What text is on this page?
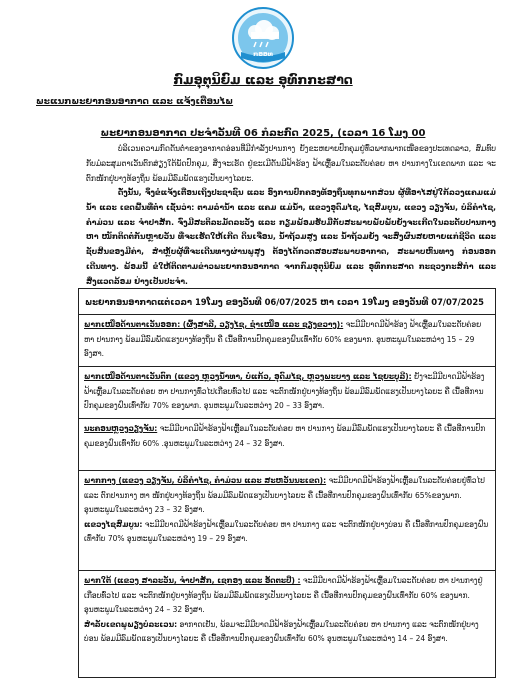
ກອອທ
ກົມອຸຕຸນິຍົມ ແລະ ອຸທົກກະສາດ
ພະແນກພະຍາກອນອາກາດ ແລະ ແຈ້ງເຕືອນໄພ
ພະຍາກອນອາກາດ ປະຈໍາວັນທີ 06 ກໍລະກົດ 2025, (ເວລາ 16 ໂມງ 00

ບໍລິເວນຄວາມກົດດັນຕ່ໍາຂອງອາກາດອ່ອນທີ່ມີກຳລັງປານກາງ ຍັງຂະຫຍາຍປົກຄຸມຢູ່ທົ່ວພາກພາກເໜືອຂອງປະເທດລາວ, ສົມທົບກັບມໍລະສຸມຕາເວັນຕົກສ່ຽງໃຕ້ພັດປົກຄຸມ, ສິ່ງຈະເຮັດ ຢູ່ຂະເມີດັນມີຟ້າຮ້ອງ ຟ້າເຫຼື້ອມໃນລະດັບຄ່ອຍ ຫາ ປານກາງໃນເຂດພາກ ແລະ ຈະຕົກໜັກຢູ່ບາງທ້ອງຖິ່ນ ພ້ອມມີລົມພັດແຮງເປັນບາງໄລຍະ.

ດັ່ງນັ້ນ, ຈຶ່ງຂໍແຈ້ງເຕືອນເຖິງປະຊາຊົນ ແລະ ອົງການປົກຄອງທ້ອງຖິ່ນທຸກພາກສ່ວນ ຜູ້ທີ່ອາໄສຢູ່ໃກ້ລວງແຄມແມ່ນ້ຳ ແລະ ເຂດພື້ນທີ່ຕໍ່າ ເຊັ່ນວ່າ: ຕາມລໍານໍ້າ ແລະ ແຄມ ແມ່ນ້ຳ, ແຂວງອຸດົມໄຊ, ໄຊສົມບູນ, ແຂວງ ວຽງຈັນ, ບໍລິຄໍາໄຊ, ຄໍາມ່ວນ ແລະ ຈໍາປາສັກ. ຈົ່ງມີສະຕິລະມັດລະວັງ ແລະ ກຽມພ້ອມຮັບມືກັບສະພາບພັບພັບຍັງຈະເກີດໃນລະດັບປານກາງ ຫາ ໜັກຕິດຕໍ່ກັນຫຼາຍວັນ ທີ່ຈະເຮັດໃຫ້ເກີດ ດິນເຈື່ອນ, ນໍ້າຖ້ວມສູງ ແລະ ນໍ້າຖ້ວມຍັງ ຈະສົ່ງຜົນສຍຫາຍແກ່ຊີວິດ ແລະ ຊັບສິນຂອງມີຄ່າ, ສໍາຫຼັບຜູ້ທີ່ຈະເດີນທາງຜ່ານພູສູງ ຕ້ອງໄດ້ກວດສອບສະພາບອາກາດ, ສະພາບຫົນທາງ ກ່ອນອອກເດີນທາງ. ພ້ອມນີ້ ຂໍໃຫ້ຕິດຕາມຂ່າວພະຍາກອນອາກາດ ຈາກກົມອຸຕຸນິຍົມ ແລະ ອຸທົກກະສາດ ກະຊວງກະສິກໍາ ແລະ ສິ່ງແວດລ້ອມ ຢ່າງເປັນປະຈໍາ.

ພະຍາກອນອາກາດແຕ່ເວລາ 19ໂມງ ຂອງວັນທີ 06/07/2025 ຫາ ເວລາ 19ໂມງ ຂອງວັນທີ 07/07/2025
ພາກເໜືອດ້ານຕາເວັນອອກ: (ຜົ້ງສາລີ, ວຽງໄຊ, ຊຳເໜືອ ແລະ ຊຽງຂວາງ): ຈະມີມີບາດມີຟ້າຮ້ອງ ຟ້າເຫຼື້ອມໃນລະດັບຄ່ອຍ ຫາ ປານກາງ ພ້ອມມີລົມພັດແຮງບາງທ້ອງຖິ່ນ ຄື ເນື້ອທີ່ການປົກຄຸມຂອງຝົນເທົ່າກັບ 60% ຂອງພາກ. ອຸນຫະພູມໃນລະຫວ່າງ 15 – 29 ອົງສາ.
ພາກເໜືອດ້ານຕາເວັນຕົກ (ແຂວງ ຫຼວງນໍ້າທາ, ບໍ່ແກ້ວ, ອຸດົມໄຊ, ຫຼວງພະບາງ ແລະ ໄຊຍະບູລີ): ຍັງຈະມີມີບາດມີຟ້າຮ້ອງຟ້າເຫຼື້ອມໃນລະດັບຄ່ອຍ ຫາ ປານກາງທົ່ວໄປເກືອບທົ່ວໄປ ແລະ ຈະຕົກໜັກຢູ່ບາງທ້ອງຖິ່ນ ພ້ອມມີລົມພັດແຮງເປັນບາງໄລຍະ ຄື ເນື້ອທີ່ການປົກຄຸມຂອງຝົນເທົ່າກັບ 70% ຂອງພາກ. ອຸນຫະພູມໃນລະຫວ່າງ 20 – 33 ອົງສາ.
ນະຄອນຫຼວງວຽງຈັນ: ຈະມີມີບາດມີຟ້າຮ້ອງຟ້າເຫຼື້ອມໃນລະດັບຄ່ອຍ ຫາ ປານກາງ ພ້ອມມີລົມພັດແຮງເປັນບາງໄລຍະ ຄື ເນື້ອທີ່ການປົກຄຸມຂອງຝົນເທົ່າກັບ 60% .ອຸນຫະພູມໃນລະຫວ່າງ 24 – 32 ອົງສາ.
ພາກກາງ (ແຂວງ ວຽງຈັນ, ບໍລິຄໍາໄຊ, ຄໍາມ່ວນ ແລະ ສະຫວັນນະເຂດ): ຈະມີມີບາດມີຟ້າຮ້ອງຟ້າເຫຼື້ອມໃນລະດັບຄ່ອຍຢູ່ທົ່ວໄປ ແລະ ຕົກປານກາງ ຫາ ໜັກຢູ່ບາງທ້ອງຖິ່ນ ພ້ອມມີລົມພັດແຮງເປັນບາງໄລຍະ ຄື ເນື້ອທີ່ການປົກຄຸມຂອງຝົນເທົ່າກັບ 65%ຂອງພາກ. ອຸນຫະພູມໃນລະຫວ່າງ 23 – 32 ອົງສາ.
ແຂວງໄຊສົມບູນ: ຈະມີມີບາດມີຟ້າຮ້ອງຟ້າເຫຼື້ອມໃນລະດັບຄ່ອຍ ຫາ ປານກາງ ແລະ ຈະຕົກໜັກຢູ່ບາງບ່ອນ ຄື ເນື້ອທີ່ການປົກຄຸມຂອງຝົນເທົ່າກັບ 70% ອຸນຫະພູມໃນລະຫວ່າງ 19 – 29 ອົງສາ.
ພາກໃຕ້ (ແຂວງ ສາລະວັນ, ຈໍາປາສັກ, ເຊກອງ ແລະ ອັດຕະປື) : ຈະມີມີບາດມີຟ້າຮ້ອງຟ້າເຫຼື້ອມໃນລະດັບຄ່ອຍ ຫາ ປານກາງຢູ່ເກືອບທົ່ວໄປ ແລະ ຈະຕົກໜັກຢູ່ບາງທ້ອງຖິ່ນ ພ້ອມມີລົມພັດແຮງເປັນບາງໄລຍະ ຄື ເນື້ອທີ່ການປົກຄຸມຂອງຝົນເທົ່າກັບ 60% ຂອງພາກ. ອຸນຫະພູມໃນລະຫວ່າງ 24 – 32 ອົງສາ.
ສໍາລັບເຂດພູພຽງບໍລະເວນ: ອາກາດເຢັນ, ພ້ອມຈະມີມີບາດມີຟ້າຮ້ອງຟ້າເຫຼື້ອມໃນລະດັບຄ່ອຍ ຫາ ປານກາງ ແລະ ຈະຕົກໜັກຢູ່ບາງບ່ອນ ພ້ອມມີລົມພັດແຮງເປັນບາງໄລຍະ ຄື ເນື້ອທີ່ການປົກຄຸມຂອງຝົນເທົ່າກັບ 60% ອຸນຫະພູມໃນລະຫວ່າງ 14 – 24 ອົງສາ.
